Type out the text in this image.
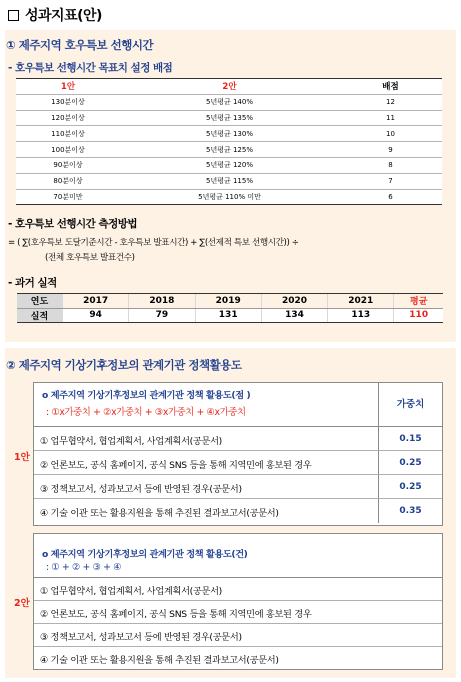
성과지표(안)
① 제주지역 호우특보 선행시간
- 호우특보 선행시간 목표치 설정 배점
1안	2안	배점
130분이상	5년평균 140%	12
120분이상	5년평균 135%	11
110분이상	5년평균 130%	10
100분이상	5년평균 125%	9
90분이상	5년평균 120%	8
80분이상	5년평균 115%	7
70분미만	5년평균 110% 미만	6
- 호우특보 선행시간 측정방법
= ( ∑(호우특보 도달기준시간 - 호우특보 발표시간) + ∑(선제적 특보 선행시간)) ÷
(전체 호우특보 발표건수)
- 과거 실적
연도	2017	2018	2019	2020	2021	평균
실적	94	79	131	134	113	110
② 제주지역 기상기후정보의 관계기관 정책활용도
1안
o 제주지역 기상기후정보의 관계기관 정책 활용도(점 )
: ①x가중치 + ②x가중치 + ③x가중치 + ④x가중치
가중치
① 업무협약서, 협업계획서, 사업계획서(공문서)	0.15
② 언론보도, 공식 홈페이지, 공식 SNS 등을 통해 지역민에 홍보된 경우	0.25
③ 정책보고서, 성과보고서 등에 반영된 경우(공문서)	0.25
④ 기술 이관 또는 활용지원을 통해 추진된 결과보고서(공문서)	0.35
2안
o 제주지역 기상기후정보의 관계기관 정책 활용도(건)
: ① + ② + ③ + ④
① 업무협약서, 협업계획서, 사업계획서(공문서)
② 언론보도, 공식 홈페이지, 공식 SNS 등을 통해 지역민에 홍보된 경우
③ 정책보고서, 성과보고서 등에 반영된 경우(공문서)
④ 기술 이관 또는 활용지원을 통해 추진된 결과보고서(공문서)
